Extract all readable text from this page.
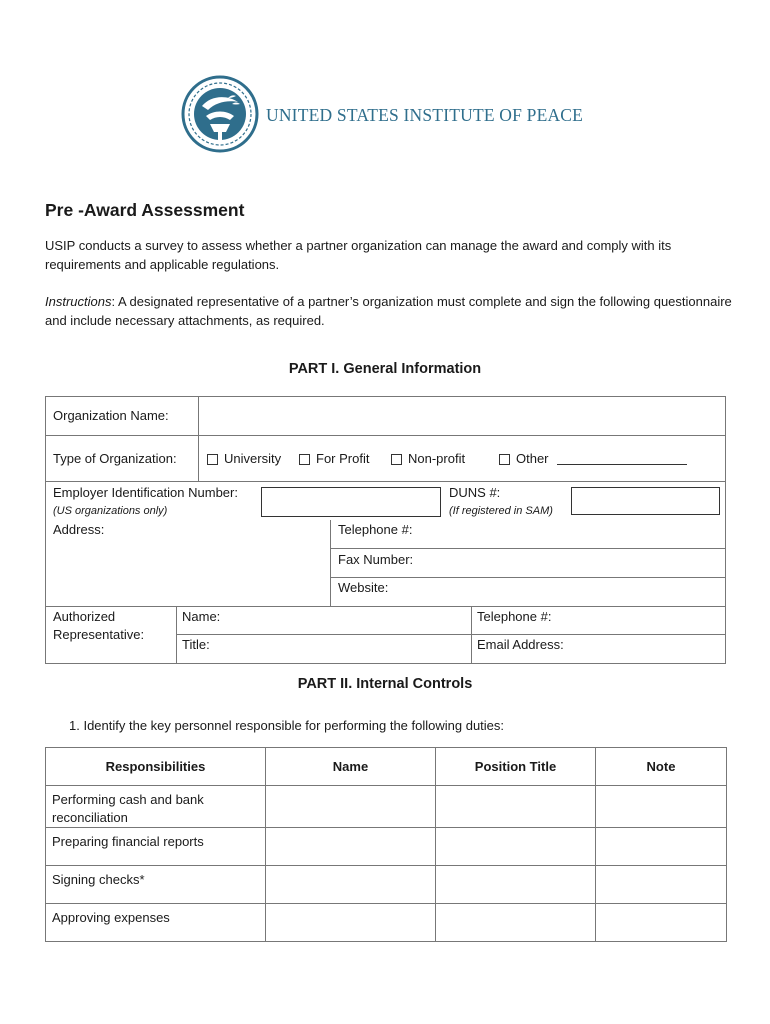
UNITED STATES INSTITUTE OF PEACE
Pre -Award Assessment

USIP conducts a survey to assess whether a partner organization can manage the award and comply with its requirements and applicable regulations.

Instructions: A designated representative of a partner’s organization must complete and sign the following questionnaire and include necessary attachments, as required.

PART I. General Information
Organization Name:
Type of Organization:	University	For Profit	Non-profit	Other
Employer Identification Number:
(US organizations only)
DUNS #:
(If registered in SAM)
Address:	Telephone #:
Fax Number:
Website:
Authorized
Representative:
Name:	Telephone #:
Title:	Email Address:
PART II. Internal Controls
1. Identify the key personnel responsible for performing the following duties:
Responsibilities	Name	Position Title	Note

Performing cash and bank reconciliation			

Preparing financial reports			

Signing checks*			

Approving expenses			
